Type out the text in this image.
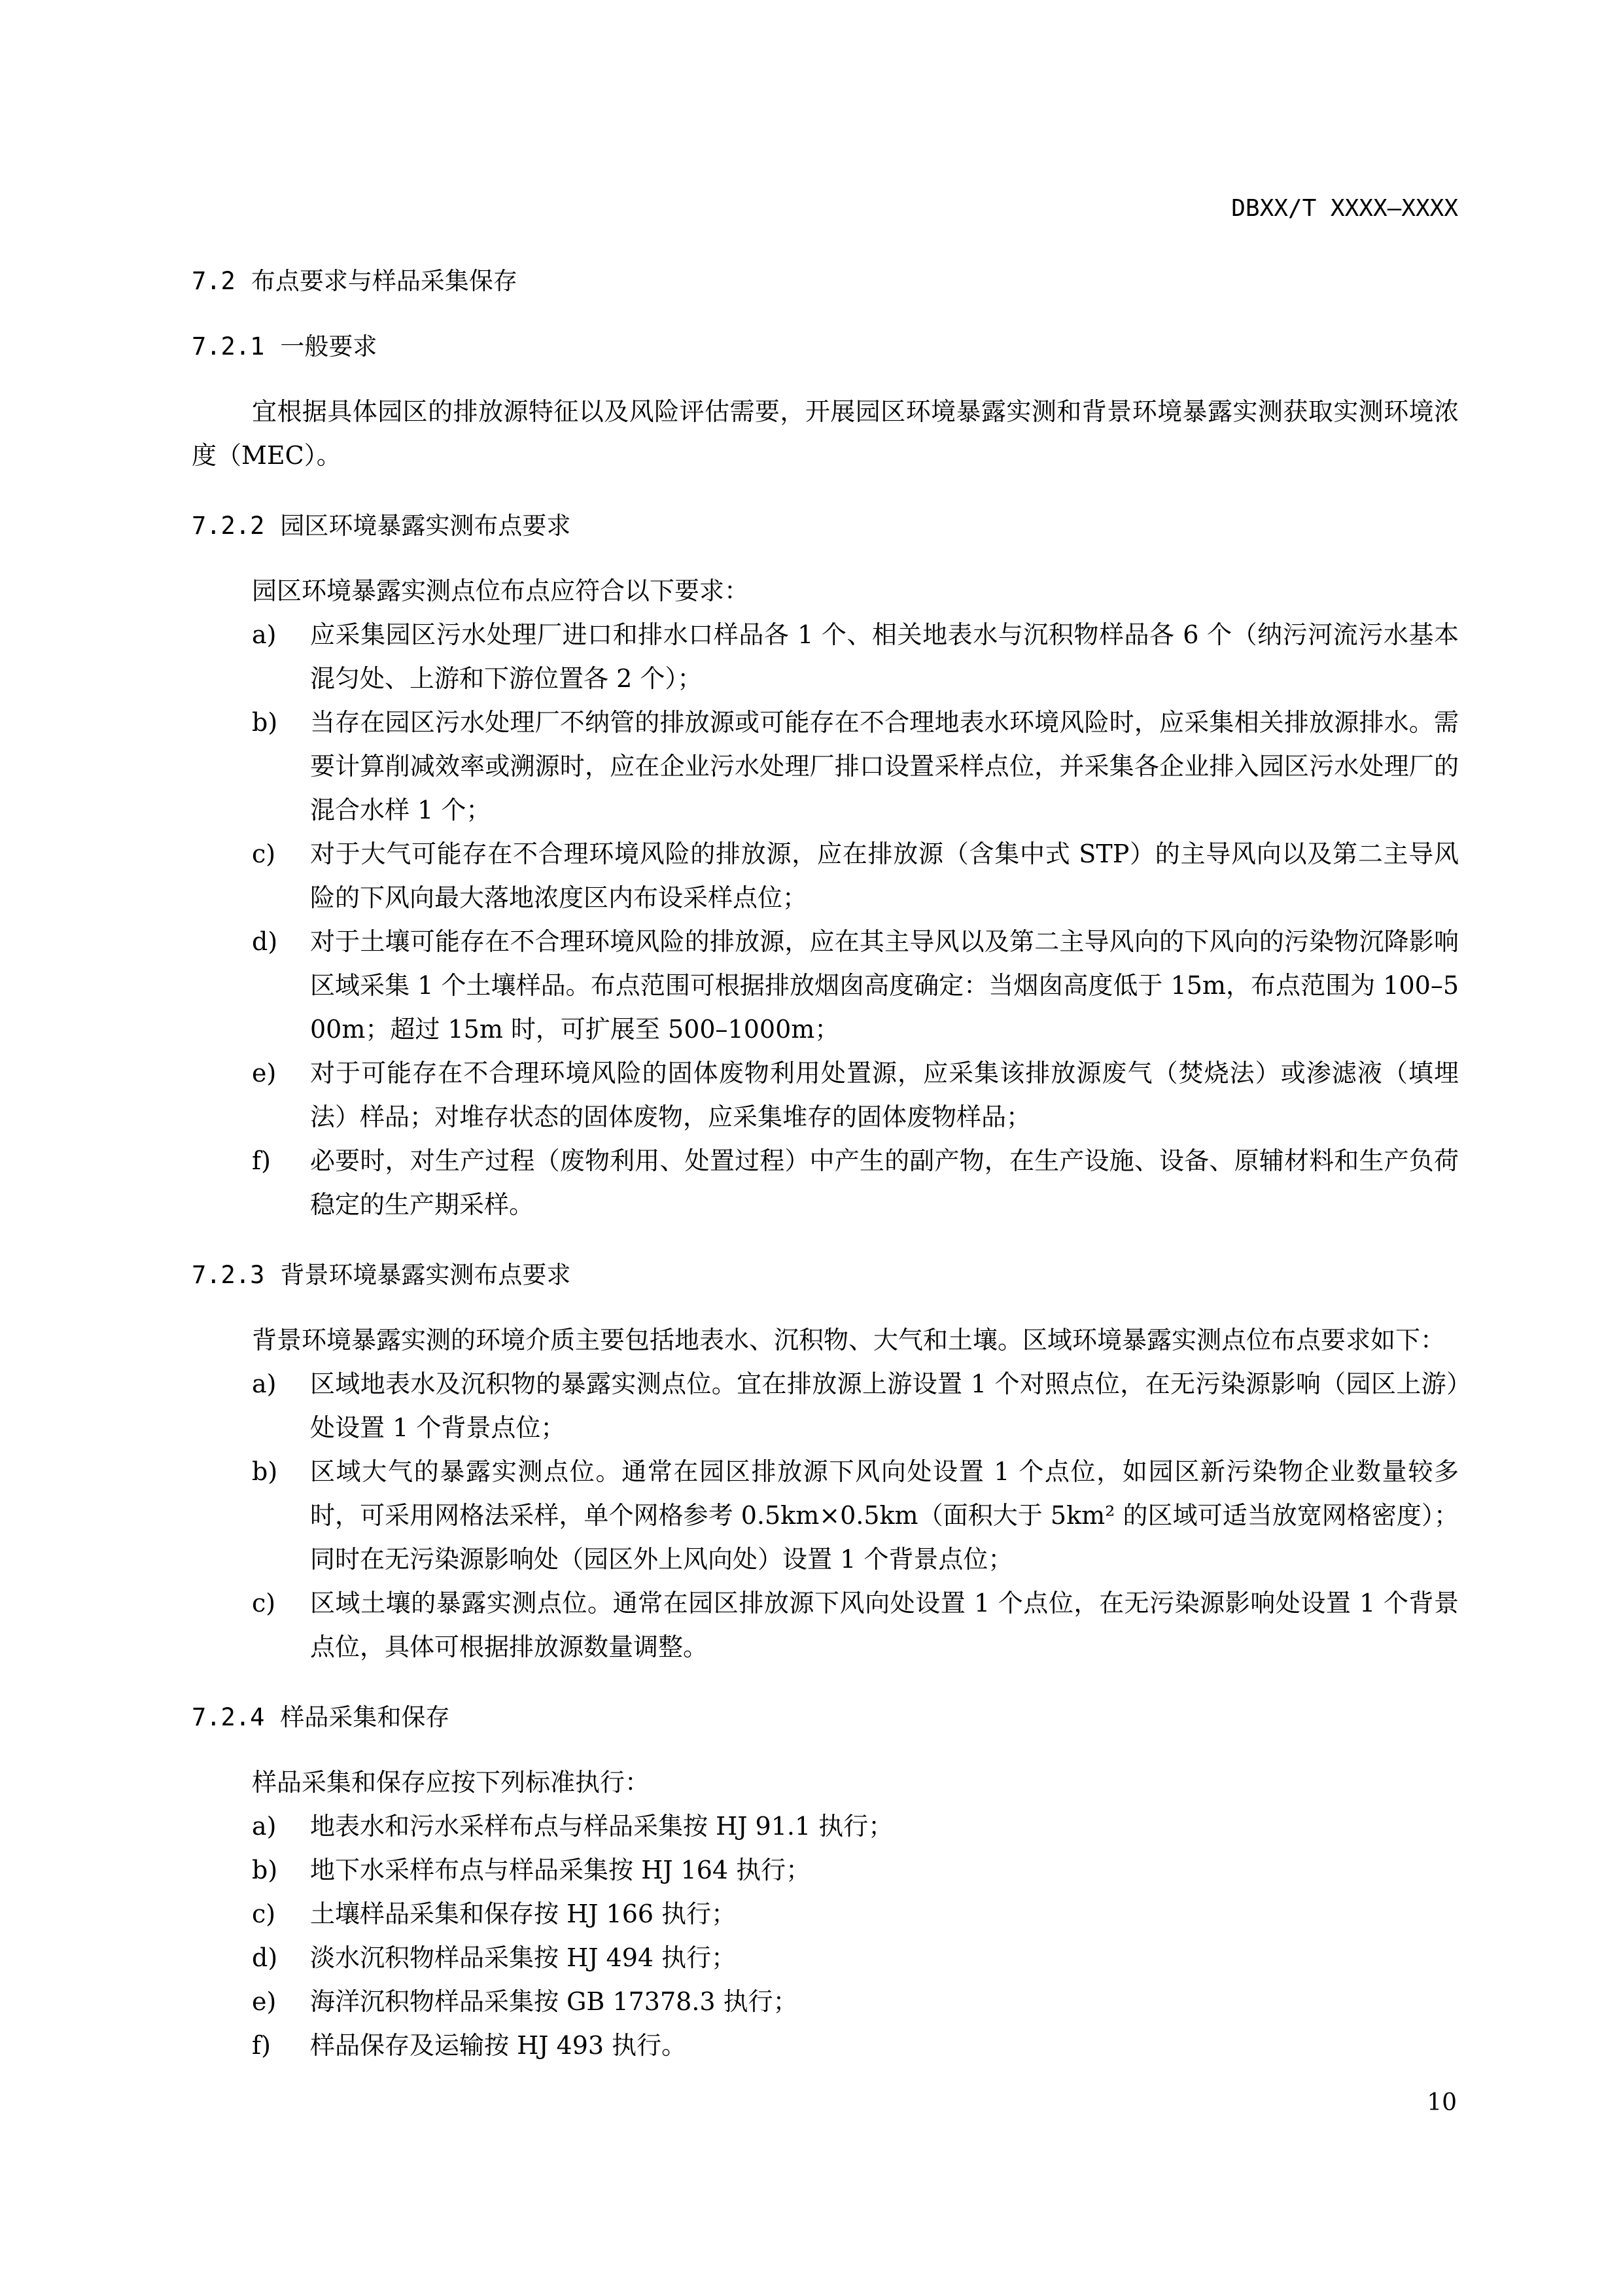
DBXX/T XXXX—XXXX
7.2 布点要求与样品采集保存
7.2.1 一般要求

宜根据具体园区的排放源特征以及风险评估需要，开展园区环境暴露实测和背景环境暴露实测获取实测环境浓度（MEC）。

7.2.2 园区环境暴露实测布点要求

园区环境暴露实测点位布点应符合以下要求：

a)	应采集园区污水处理厂进口和排水口样品各 1 个、相关地表水与沉积物样品各 6 个（纳污河流污水基本混匀处、上游和下游位置各 2 个）；
b)	当存在园区污水处理厂不纳管的排放源或可能存在不合理地表水环境风险时，应采集相关排放源排水。需要计算削减效率或溯源时，应在企业污水处理厂排口设置采样点位，并采集各企业排入园区污水处理厂的混合水样 1 个；
c)	对于大气可能存在不合理环境风险的排放源，应在排放源（含集中式 STP）的主导风向以及第二主导风险的下风向最大落地浓度区内布设采样点位；
d)	对于土壤可能存在不合理环境风险的排放源，应在其主导风以及第二主导风向的下风向的污染物沉降影响区域采集 1 个土壤样品。布点范围可根据排放烟囱高度确定：当烟囱高度低于 15m，布点范围为 100–500m；超过 15m 时，可扩展至 500–1000m；
e)	对于可能存在不合理环境风险的固体废物利用处置源，应采集该排放源废气（焚烧法）或渗滤液（填埋法）样品；对堆存状态的固体废物，应采集堆存的固体废物样品；
f)	必要时，对生产过程（废物利用、处置过程）中产生的副产物，在生产设施、设备、原辅材料和生产负荷稳定的生产期采样。
7.2.3 背景环境暴露实测布点要求

背景环境暴露实测的环境介质主要包括地表水、沉积物、大气和土壤。区域环境暴露实测点位布点要求如下：

a)	区域地表水及沉积物的暴露实测点位。宜在排放源上游设置 1 个对照点位，在无污染源影响（园区上游）处设置 1 个背景点位；
b)	区域大气的暴露实测点位。通常在园区排放源下风向处设置 1 个点位，如园区新污染物企业数量较多时，可采用网格法采样，单个网格参考 0.5km×0.5km（面积大于 5km² 的区域可适当放宽网格密度）；同时在无污染源影响处（园区外上风向处）设置 1 个背景点位；
c)	区域土壤的暴露实测点位。通常在园区排放源下风向处设置 1 个点位，在无污染源影响处设置 1 个背景点位，具体可根据排放源数量调整。
7.2.4 样品采集和保存

样品采集和保存应按下列标准执行：

a)	地表水和污水采样布点与样品采集按 HJ 91.1 执行；
b)	地下水采样布点与样品采集按 HJ 164 执行；
c)	土壤样品采集和保存按 HJ 166 执行；
d)	淡水沉积物样品采集按 HJ 494 执行；
e)	海洋沉积物样品采集按 GB 17378.3 执行；
f)	样品保存及运输按 HJ 493 执行。
10
